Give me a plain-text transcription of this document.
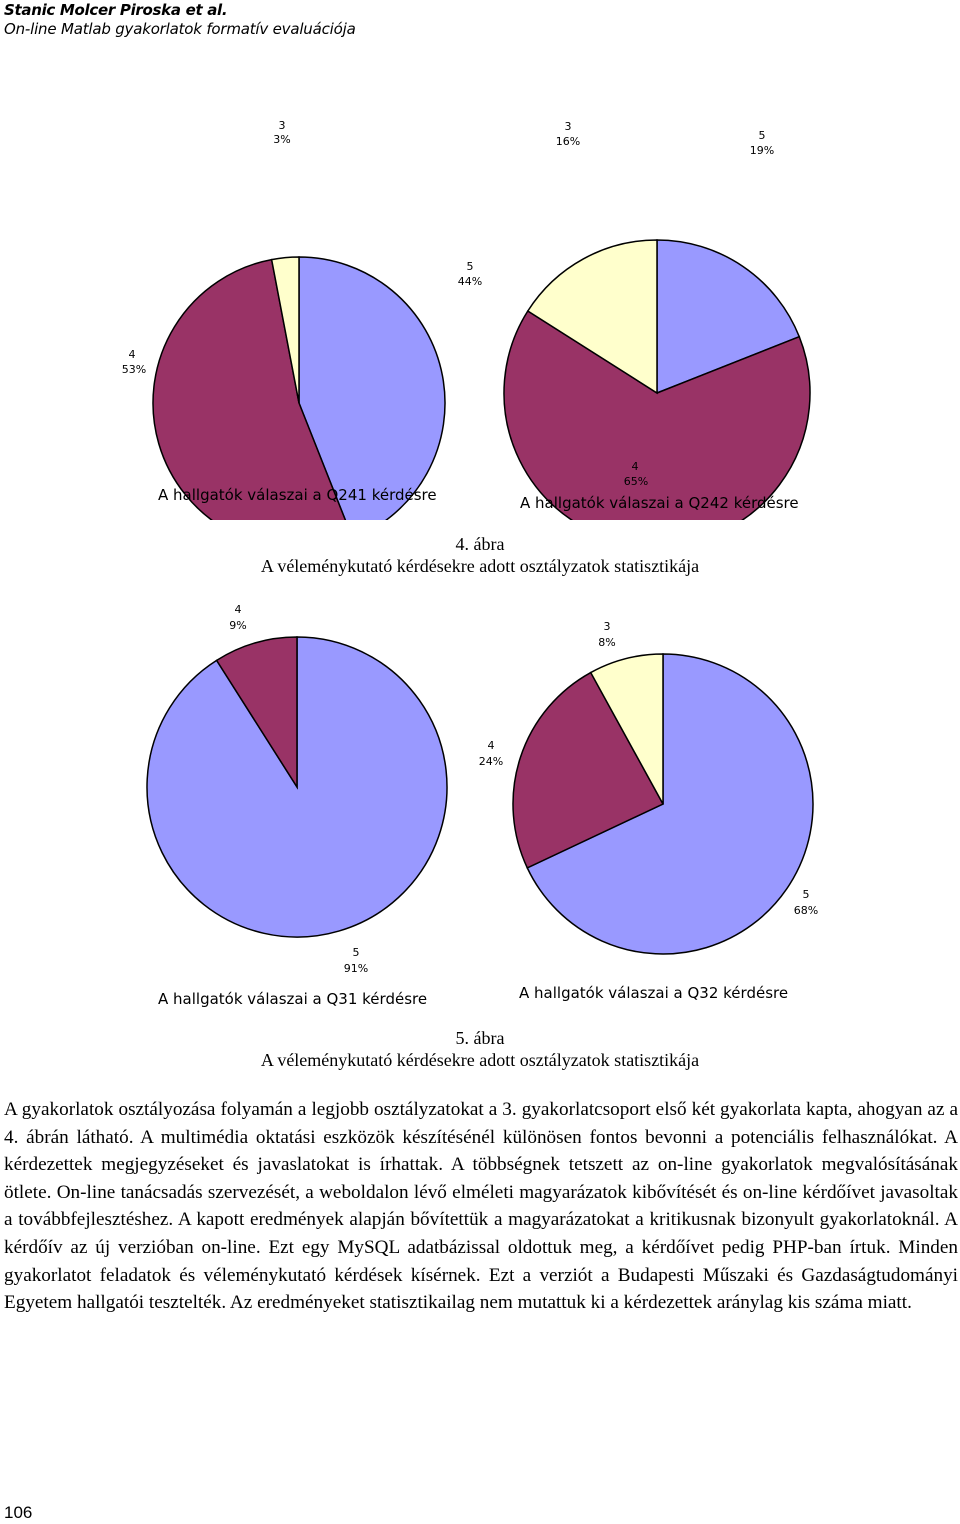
Stanic Molcer Piroska et al.
On-line Matlab gyakorlatok formatív evaluációja
3
3%
5
44%
4
53%
A hallgatók válaszai a Q241 kérdésre
3
16%	5
19%
4
65%
A hallgatók válaszai a Q242 kérdésre
4. ábra
A véleménykutató kérdésekre adott osztályzatok statisztikája
4
9%
5
91%
A hallgatók válaszai a Q31 kérdésre
3
8%
4
24%
5
68%
A hallgatók válaszai a Q32 kérdésre
5. ábra
A véleménykutató kérdésekre adott osztályzatok statisztikája

A gyakorlatok osztályozása folyamán a legjobb osztályzatokat a 3. gyakorlatcsoport első két gyakorlata kapta, ahogyan az a 4. ábrán látható. A multimédia oktatási eszközök készítésénél különösen fontos bevonni a potenciális felhasználókat. A kérdezettek megjegyzéseket és javaslatokat is írhattak. A többségnek tetszett az on-line gyakorlatok megvalósításának ötlete. On-line tanácsadás szervezését, a weboldalon lévő elméleti magyarázatok kibővítését és on-line kérdőívet javasoltak a továbbfejlesztéshez. A kapott eredmények alapján bővítettük a magyarázatokat a kritikusnak bizonyult gyakorlatoknál. A kérdőív az új verzióban on-line. Ezt egy MySQL adatbázissal oldottuk meg, a kérdőívet pedig PHP-ban írtuk. Minden gyakorlatot feladatok és véleménykutató kérdések kísérnek. Ezt a verziót a Budapesti Műszaki és Gazdaságtudományi Egyetem hallgatói tesztelték. Az eredményeket statisztikailag nem mutattuk ki a kérdezettek aránylag kis száma miatt.

106
